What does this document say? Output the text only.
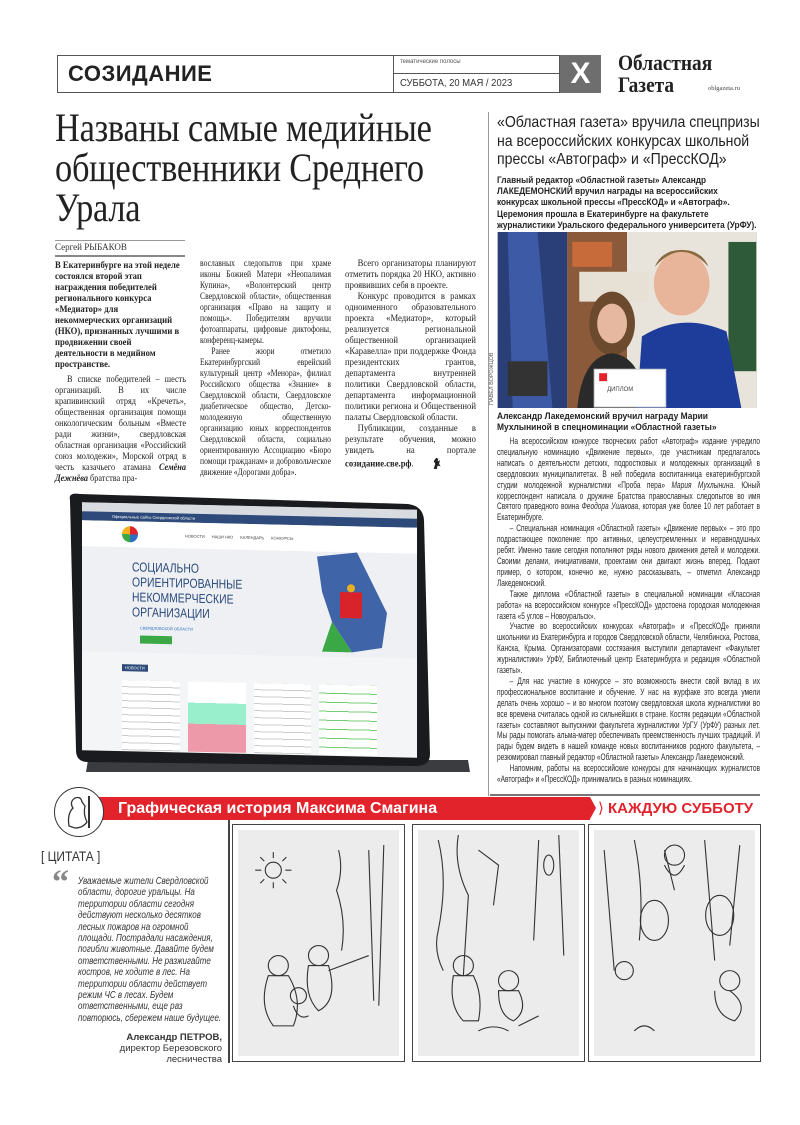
СОЗИДАНИЕ	тематические полосы
СУББОТА, 20 МАЯ / 2023	X	Областная
Газета	oblgazeta.ru
Названы самые медийные общественники Среднего Урала
Сергей РЫБАКОВ
В Екатеринбурге на этой неделе состоялся второй этап награждения победителей регионального конкурса «Медиатор» для некоммерческих организаций (НКО), признанных лучшими в продвижении своей деятельности в медийном пространстве.

В списке победителей – шесть организаций. В их числе крапивинский отряд «Кречеть», общественная организация помощи онкологическим больным «Вместе ради жизни», свердловская областная организация «Российский союз молодежи», Морской отряд в честь казачьего атамана Семёна Дежнёва братства пра-

вославных следопытов при храме иконы Божией Матери «Неопалимая Купина», «Волонтерский центр Свердловской области», общественная организация «Право на защиту и помощь». Победителям вручили фотоаппараты, цифровые диктофоны, конференц-камеры.

Ранее жюри отметило Екатеринбургский еврейский культурный центр «Менора», филиал Российского общества «Знание» в Свердловской области, Свердловское диабетическое общество, Детско-молодежную общественную организацию юных корреспондентов Свердловской области, социально ориентированную Ассоциацию «Бюро помощи гражданам» и добровольческое движение «Дорогами добра».

Всего организаторы планируют отметить порядка 20 НКО, активно проявивших себя в проекте.

Конкурс проводится в рамках одноименного образовательного проекта «Медиатор», который реализуется региональной общественной организацией «Каравелла» при поддержке Фонда президентских грантов, департамента внутренней политики Свердловской области, департамента информационной политики региона и Общественной палаты Свердловской области.

Публикации, созданные в результате обучения, можно увидеть на портале созидание.све.рф.

Официальные сайты Свердловской области
НОВОСТИ НАШИ НКО КАЛЕНДАРЬ КОНКУРСЫ
СОЦИАЛЬНО
ОРИЕНТИРОВАННЫЕ
НЕКОММЕРЧЕСКИЕ
ОРГАНИЗАЦИИ
СВЕРДЛОВСКОЙ ОБЛАСТИ
НОВОСТИ
«Областная газета» вручила спецпризы на всероссийских конкурсах школьной прессы «Автограф» и «ПрессКОД»
Главный редактор «Областной газеты» Александр ЛАКЕДЕМОНСКИЙ вручил награды на всероссийских конкурсах школьной прессы «ПрессКОД» и «Автограф». Церемония прошла в Екатеринбурге на факультете журналистики Уральского федерального университета (УрФУ).
ДИПЛОМ
ПАВЕЛ ВОРОЖЦОВ
Александр Лакедемонский вручил награду Марии Мухлыниной в спецноминации «Областной газеты»

На всероссийском конкурсе творческих работ «Автограф» издание учредило специальную номинацию «Движение первых», где участникам предлагалось написать о деятельности детских, подростковых и молодежных организаций в свердловских муниципалитетах. В ней победила воспитанница екатеринбургской студии молодежной журналистики «Проба пера» Мария Мухлынина. Юный корреспондент написала о дружине Братства православных следопытов во имя Святого праведного воина Феодора Ушакова, которая уже более 10 лет работает в Екатеринбурге.

– Специальная номинация «Областной газеты» «Движение первых» – это про подрастающее поколение: про активных, целеустремленных и неравнодушных ребят. Именно такие сегодня пополняют ряды нового движения детей и молодежи. Своими делами, инициативами, проектами они двигают жизнь вперед. Подают пример, о котором, конечно же, нужно рассказывать, – отметил Александр Лакедемонский.

Также диплома «Областной газеты» в специальной номинации «Классная работа» на всероссийском конкурсе «ПрессКОД» удостоена городская молодежная газета «5 углов – Новоуральск».

Участие во всероссийских конкурсах «Автограф» и «ПрессКОД» приняли школьники из Екатеринбурга и городов Свердловской области, Челябинска, Ростова, Канска, Крыма. Организаторами состязания выступили департамент «Факультет журналистики» УрФУ, Библиотечный центр Екатеринбурга и редакция «Областной газеты».

– Для нас участие в конкурсе – это возможность внести свой вклад в их профессиональное воспитание и обучение. У нас на журфаке это всегда умели делать очень хорошо – и во многом поэтому свердловская школа журналистики во все времена считалась одной из сильнейших в стране. Костяк редакции «Областной газеты» составляют выпускники факультета журналистики УрГУ (УрФУ) разных лет. Мы рады помогать альма-матер обеспечивать преемственность лучших традиций. И рады будем видеть в нашей команде новых воспитанников родного факультета, – резюмировал главный редактор «Областной газеты» Александр Лакедемонский.

Напомним, работы на всероссийские конкурсы для начинающих журналистов «Автограф» и «ПрессКОД» принимались в разных номинациях.

Графическая история Максима Смагина	⟩ КАЖДУЮ СУББОТУ
[ ЦИТАТА ]
“ Уважаемые жители Свердловской области, дорогие уральцы. На территории области сегодня действуют несколько десятков лесных пожаров на огромной площади. Пострадали насаждения, погибли животные. Давайте будем ответственными. Не разжигайте костров, не ходите в лес. На территории области действует режим ЧС в лесах. Будем ответственными, еще раз повторюсь, сбережем наше будущее.
Александр ПЕТРОВ,
директор Березовского лесничества
